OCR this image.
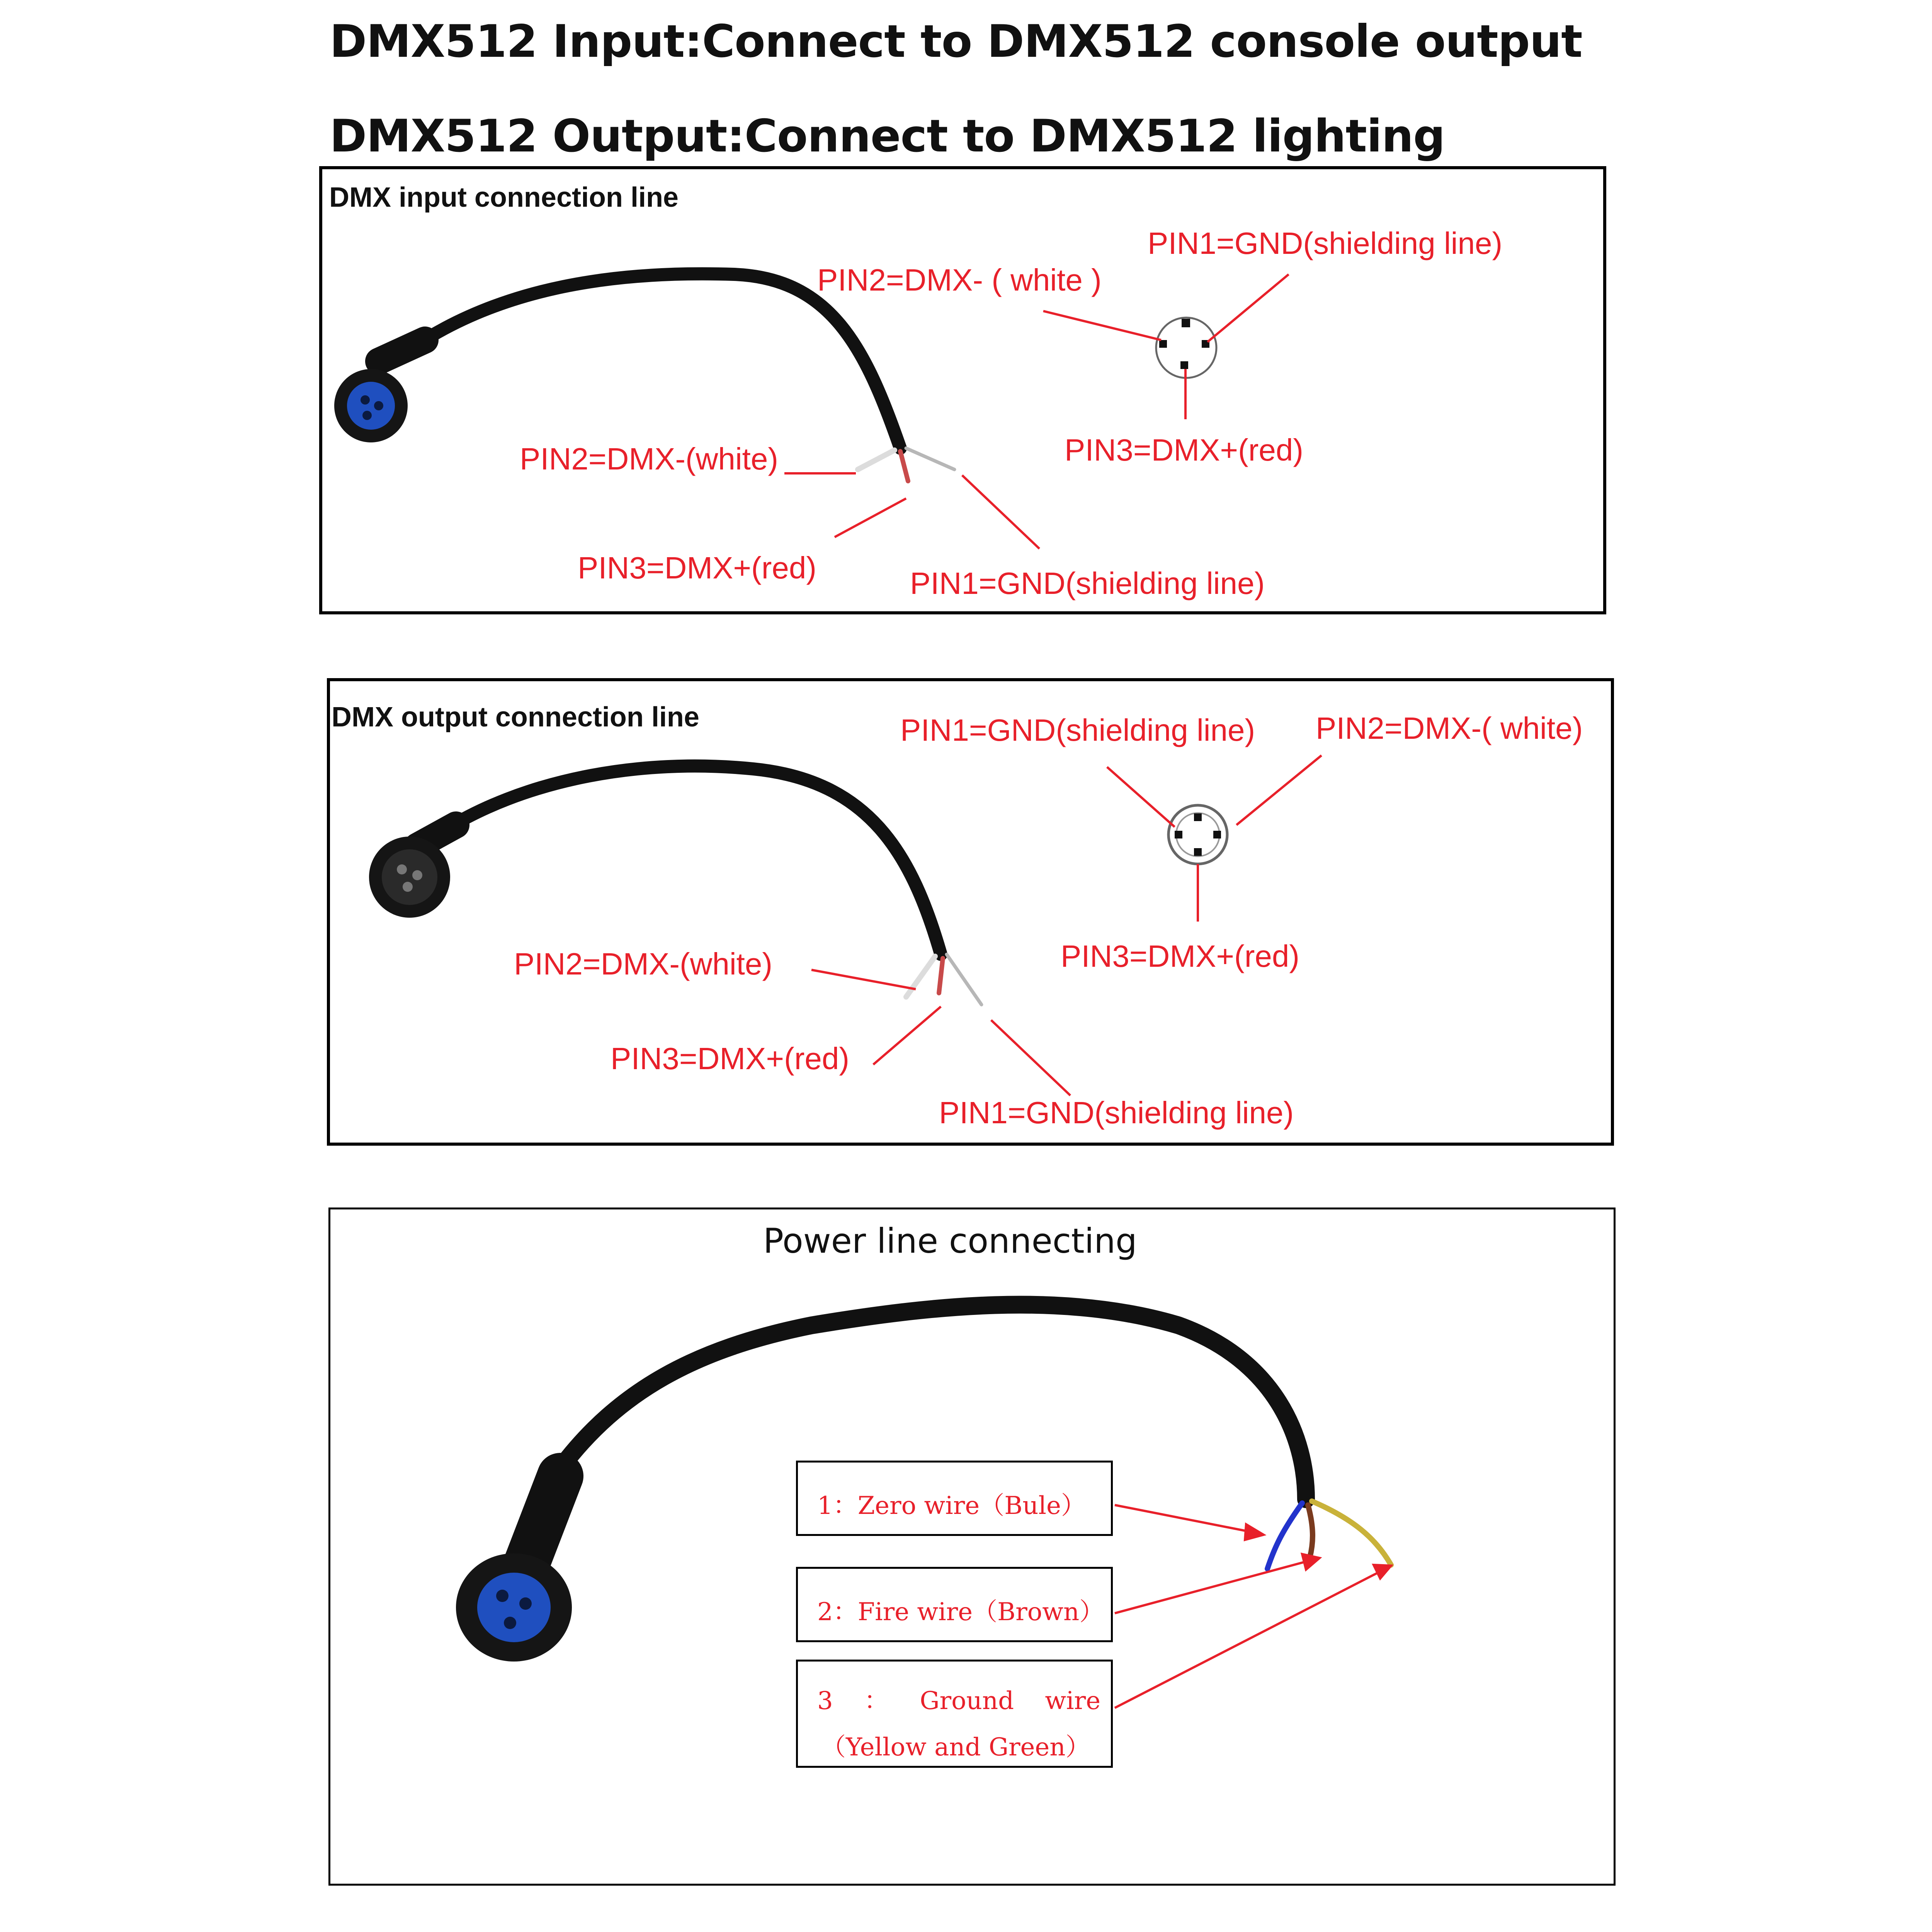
DMX512 Input:Connect to DMX512 console output
DMX512 Output:Connect to DMX512 lighting
DMX input connection line
PIN2=DMX-(white)
PIN3=DMX+(red)	PIN1=GND(shielding line)
PIN2=DMX- ( white )
PIN1=GND(shielding line)
PIN3=DMX+(red)
DMX output connection line
PIN2=DMX-(white)
PIN3=DMX+(red)
PIN1=GND(shielding line)
PIN1=GND(shielding line) PIN2=DMX-( white)
PIN3=DMX+(red)
Power line connecting
1：Zero wire（Bule）
2：Fire wire（Brown）
3 ： Ground wire
（Yellow and Green）
